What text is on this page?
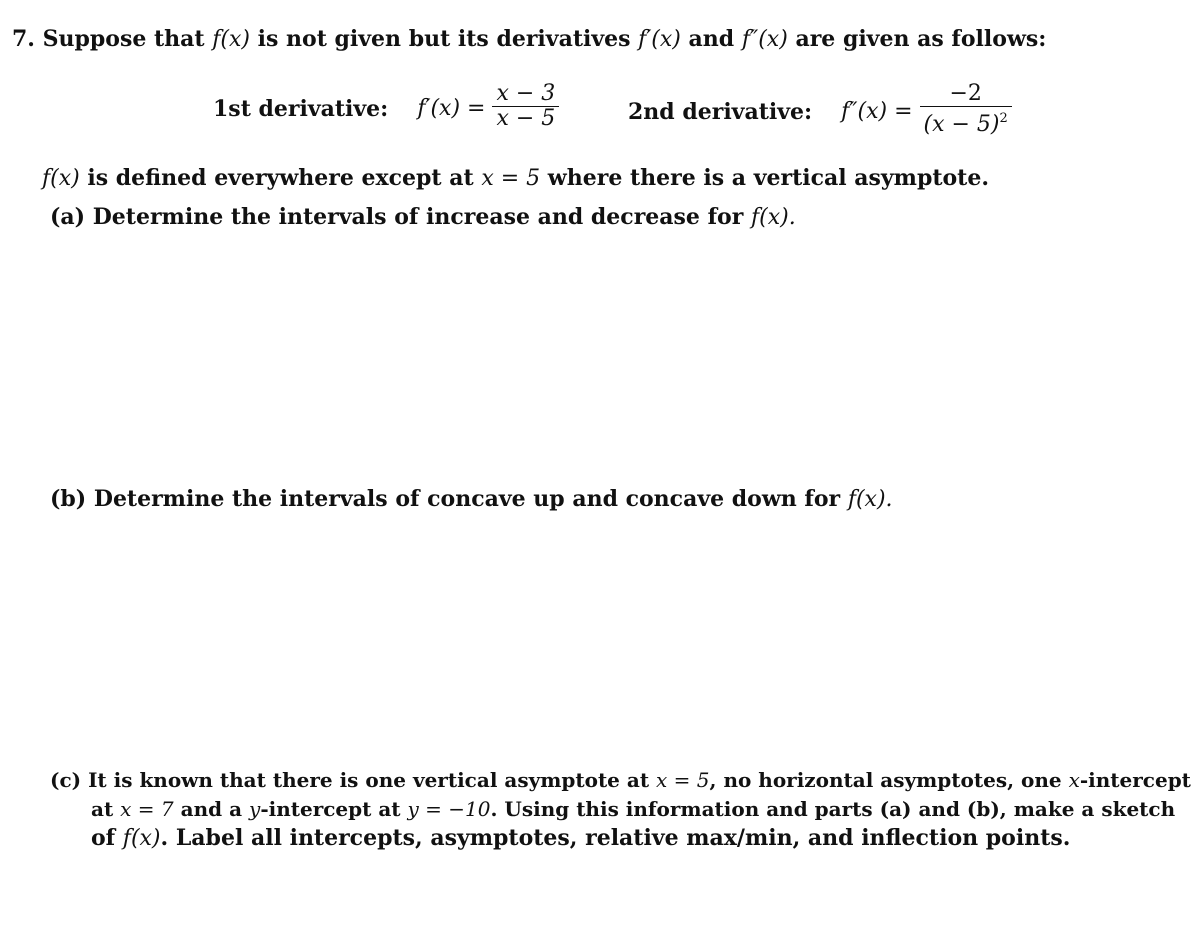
7. Suppose that f(x) is not given but its derivatives f′(x) and f″(x) are given as follows:
1st derivative: $f'(x) = \frac{x - 3}{x - 5}$	2nd derivative: $f''(x) = \frac{-2}{(x - 5)^2}$
f(x) is defined everywhere except at x = 5 where there is a vertical asymptote.
(a) Determine the intervals of increase and decrease for f(x).
(b) Determine the intervals of concave up and concave down for f(x).
(c) It is known that there is one vertical asymptote at x = 5, no horizontal asymptotes, one x-intercept
at x = 7 and a y-intercept at y = −10. Using this information and parts (a) and (b), make a sketch
of f(x). Label all intercepts, asymptotes, relative max/min, and inflection points.
